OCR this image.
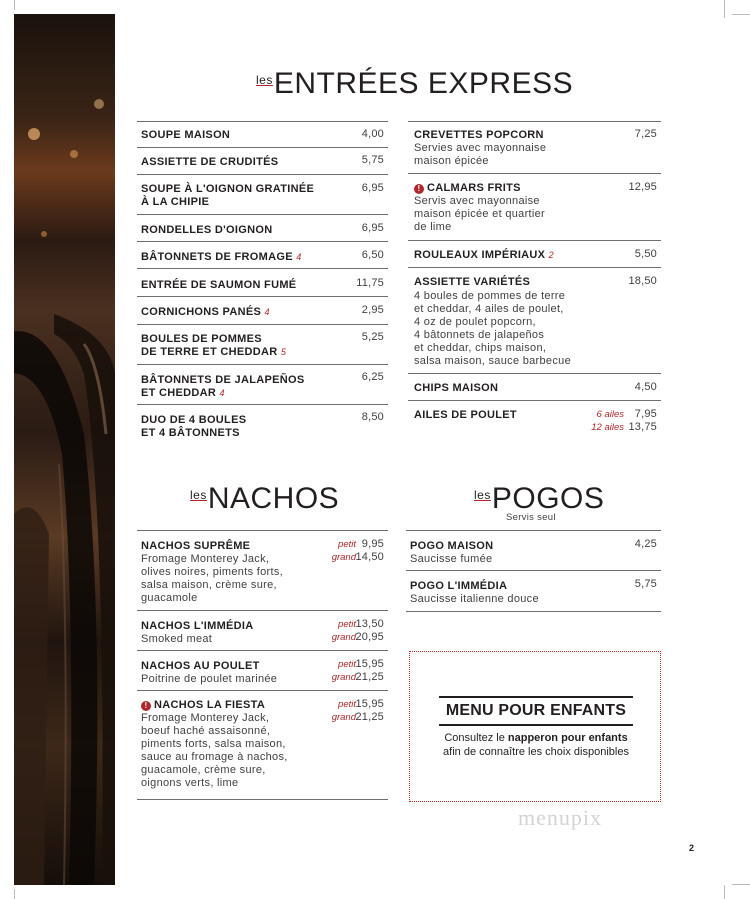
$^{les}$ENTRÉES EXPRESS
SOUPE MAISON	4,00
ASSIETTE DE CRUDITÉS	5,75
SOUPE À L'OIGNON GRATINÉE
À LA CHIPIE
6,95
RONDELLES D'OIGNON	6,95
BÂTONNETS DE FROMAGE 4	6,50
ENTRÉE DE SAUMON FUMÉ	11,75
CORNICHONS PANÉS 4	2,95
BOULES DE POMMES
DE TERRE ET CHEDDAR 5
5,25
BÂTONNETS DE JALAPEÑOS
ET CHEDDAR 4
6,25
DUO DE 4 BOULES
ET 4 BÂTONNETS
8,50
CREVETTES POPCORN
Servies avec mayonnaise
maison épicée
7,25
! CALMARS FRITS
Servis avec mayonnaise
maison épicée et quartier
de lime
12,95
ROULEAUX IMPÉRIAUX 2	5,50
ASSIETTE VARIÉTÉS
4 boules de pommes de terre
et cheddar, 4 ailes de poulet,
4 oz de poulet popcorn,
4 bâtonnets de jalapeños
et cheddar, chips maison,
salsa maison, sauce barbecue
18,50
CHIPS MAISON	4,50
AILES DE POULET	6 ailes 7,95
12 ailes 13,75
$^{les}$NACHOS
NACHOS SUPRÊME
Fromage Monterey Jack,
olives noires, piments forts,
salsa maison, crème sure,
guacamole
petit 9,95
grand 14,50
NACHOS L'IMMÉDIA
Smoked meat
petit 13,50
grand 20,95
NACHOS AU POULET
Poitrine de poulet marinée
petit 15,95
grand 21,25
! NACHOS LA FIESTA
Fromage Monterey Jack,
boeuf haché assaisonné,
piments forts, salsa maison,
sauce au fromage à nachos,
guacamole, crème sure,
oignons verts, lime
petit 15,95
grand 21,25
$^{les}$POGOS
Servis seul
POGO MAISON
Saucisse fumée
4,25
POGO L'IMMÉDIA
Saucisse italienne douce
5,75
MENU POUR ENFANTS
Consultez le napperon pour enfants
afin de connaître les choix disponibles
menupix
2
